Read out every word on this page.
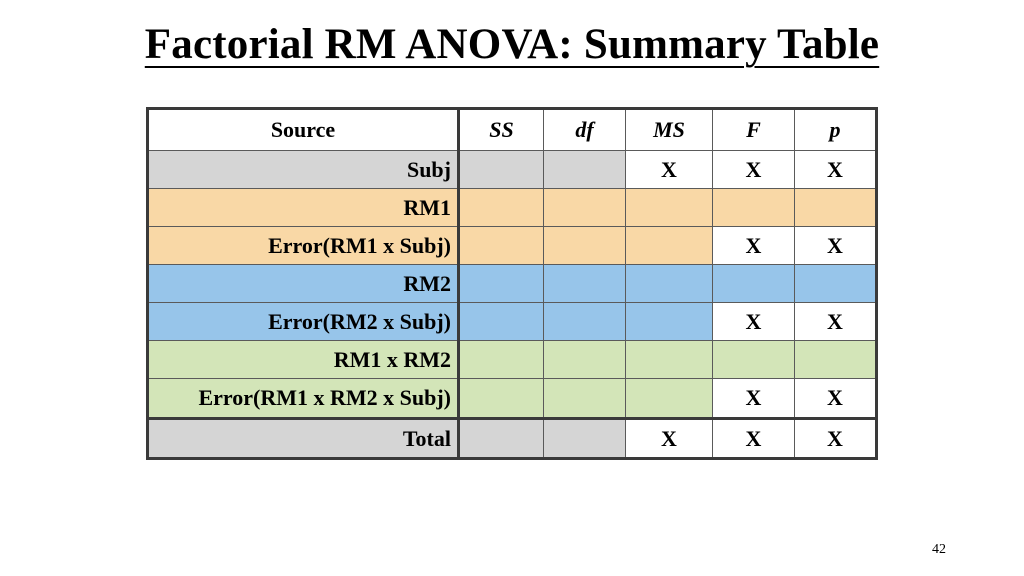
Factorial RM ANOVA: Summary Table
Source	SS	df	MS	F	p
Subj			X	X	X
RM1					
Error(RM1 x Subj)				X	X
RM2					
Error(RM2 x Subj)				X	X
RM1 x RM2					
Error(RM1 x RM2 x Subj)				X	X
Total			X	X	X
42
